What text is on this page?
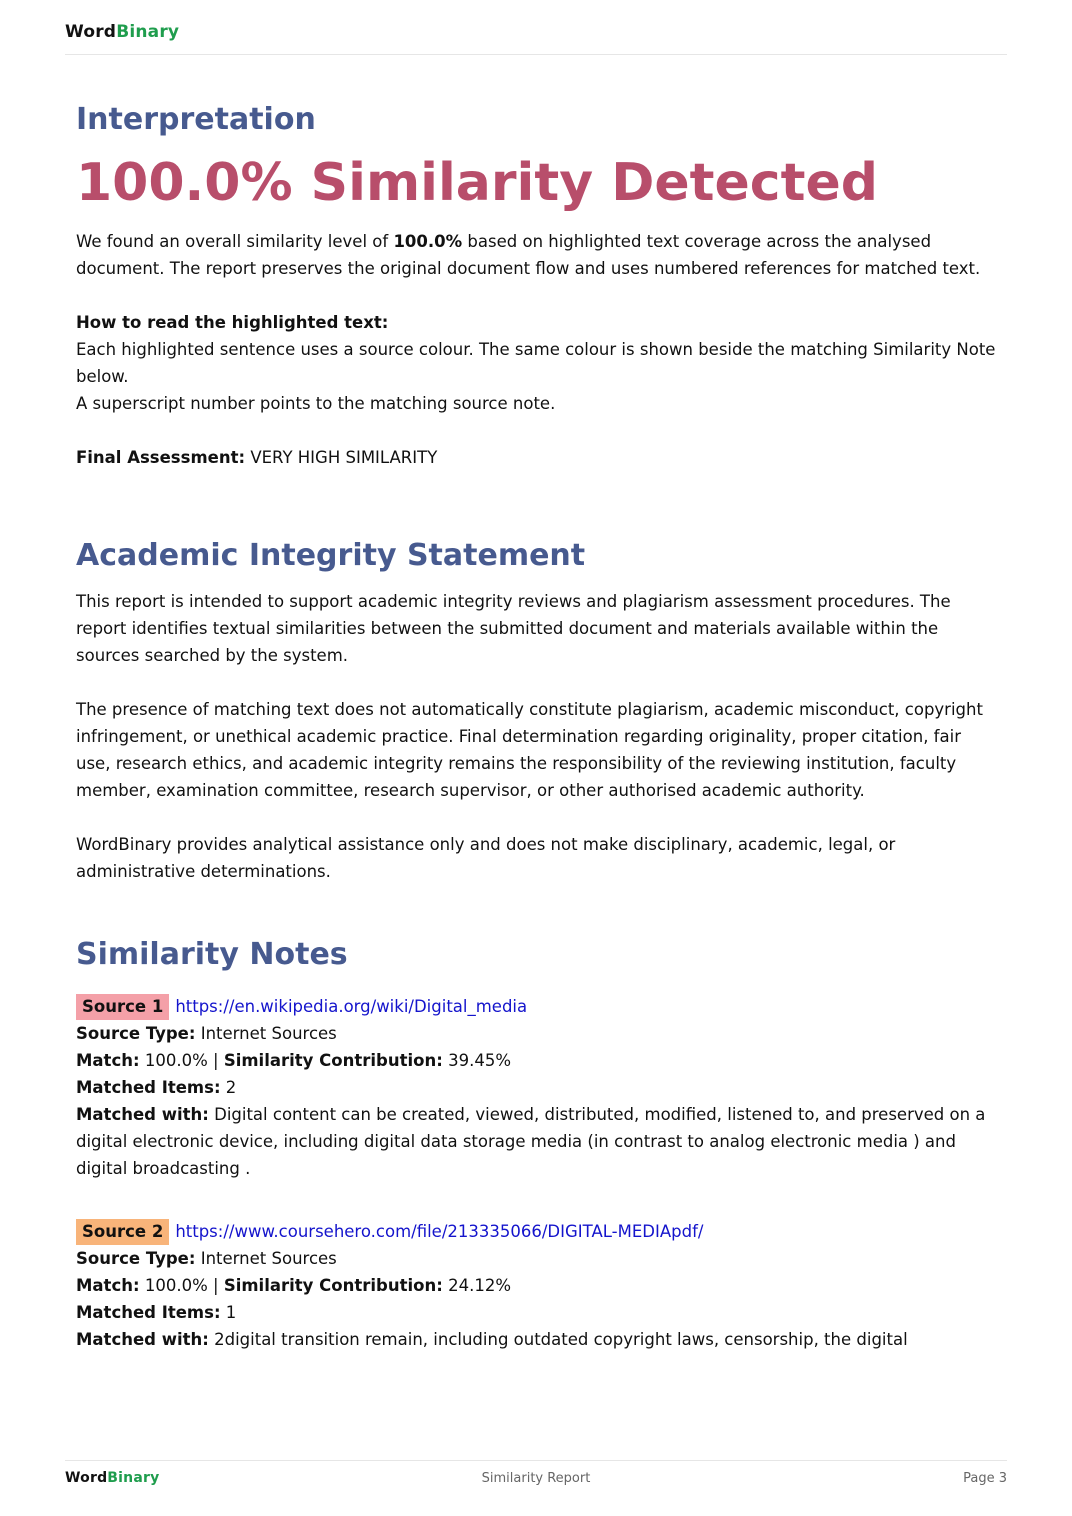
WordBinary
Interpretation
100.0% Similarity Detected

We found an overall similarity level of 100.0% based on highlighted text coverage across the analysed document. The report preserves the original document flow and uses numbered references for matched text.

How to read the highlighted text:

Each highlighted sentence uses a source colour. The same colour is shown beside the matching Similarity Note below.

A superscript number points to the matching source note.

Final Assessment: VERY HIGH SIMILARITY

Academic Integrity Statement

This report is intended to support academic integrity reviews and plagiarism assessment procedures. The report identifies textual similarities between the submitted document and materials available within the sources searched by the system.

The presence of matching text does not automatically constitute plagiarism, academic misconduct, copyright infringement, or unethical academic practice. Final determination regarding originality, proper citation, fair use, research ethics, and academic integrity remains the responsibility of the reviewing institution, faculty member, examination committee, research supervisor, or other authorised academic authority.

WordBinary provides analytical assistance only and does not make disciplinary, academic, legal, or administrative determinations.

Similarity Notes
Source 1 https://en.wikipedia.org/wiki/Digital_media

Source Type: Internet Sources

Match: 100.0% | Similarity Contribution: 39.45%

Matched Items: 2

Matched with: Digital content can be created, viewed, distributed, modified, listened to, and preserved on a digital electronic device, including digital data storage media (in contrast to analog electronic media ) and digital broadcasting .

Source 2 https://www.coursehero.com/file/213335066/DIGITAL-MEDIApdf/

Source Type: Internet Sources

Match: 100.0% | Similarity Contribution: 24.12%

Matched Items: 1

Matched with: 2digital transition remain, including outdated copyright laws, censorship, the digital

WordBinary	Similarity Report	Page 3
